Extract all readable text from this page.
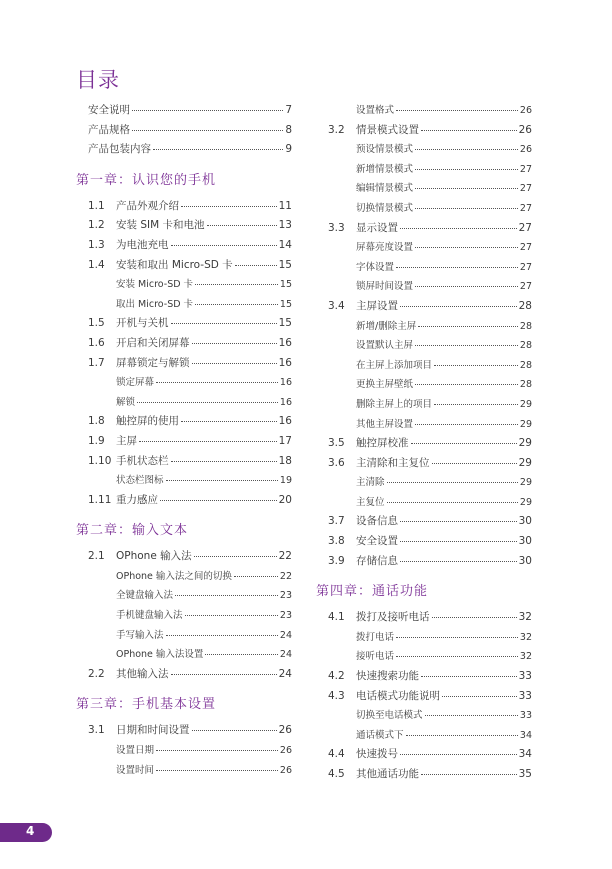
目录
安全说明	7
产品规格	8
产品包装内容	9
第一章：认识您的手机
1.1	产品外观介绍	11
1.2	安装 SIM 卡和电池	13
1.3	为电池充电	14
1.4	安装和取出 Micro-SD 卡	15
安装 Micro-SD 卡	15
取出 Micro-SD 卡	15
1.5	开机与关机	15
1.6	开启和关闭屏幕	16
1.7	屏幕锁定与解锁	16
锁定屏幕	16
解锁	16
1.8	触控屏的使用	16
1.9	主屏	17
1.10 手机状态栏	18
状态栏图标	19
1.11 重力感应	20
第二章：输入文本
2.1	OPhone 输入法	22
OPhone 输入法之间的切换	22
全键盘输入法	23
手机键盘输入法	23
手写输入法	24
OPhone 输入法设置	24
2.2	其他输入法	24
第三章：手机基本设置
3.1	日期和时间设置	26
设置日期	26
设置时间	26
设置格式	26
3.2	情景模式设置	26
预设情景模式	26
新增情景模式	27
编辑情景模式	27
切换情景模式	27
3.3	显示设置	27
屏幕亮度设置	27
字体设置	27
锁屏时间设置	27
3.4	主屏设置	28
新增/删除主屏	28
设置默认主屏	28
在主屏上添加项目	28
更换主屏壁纸	28
删除主屏上的项目	29
其他主屏设置	29
3.5	触控屏校准	29
3.6	主清除和主复位	29
主清除	29
主复位	29
3.7	设备信息	30
3.8	安全设置	30
3.9	存储信息	30
第四章：通话功能
4.1	拨打及接听电话	32
拨打电话	32
接听电话	32
4.2	快速搜索功能	33
4.3	电话模式功能说明	33
切换至电话模式	33
通话模式下	34
4.4	快速拨号	34
4.5	其他通话功能	35
4
